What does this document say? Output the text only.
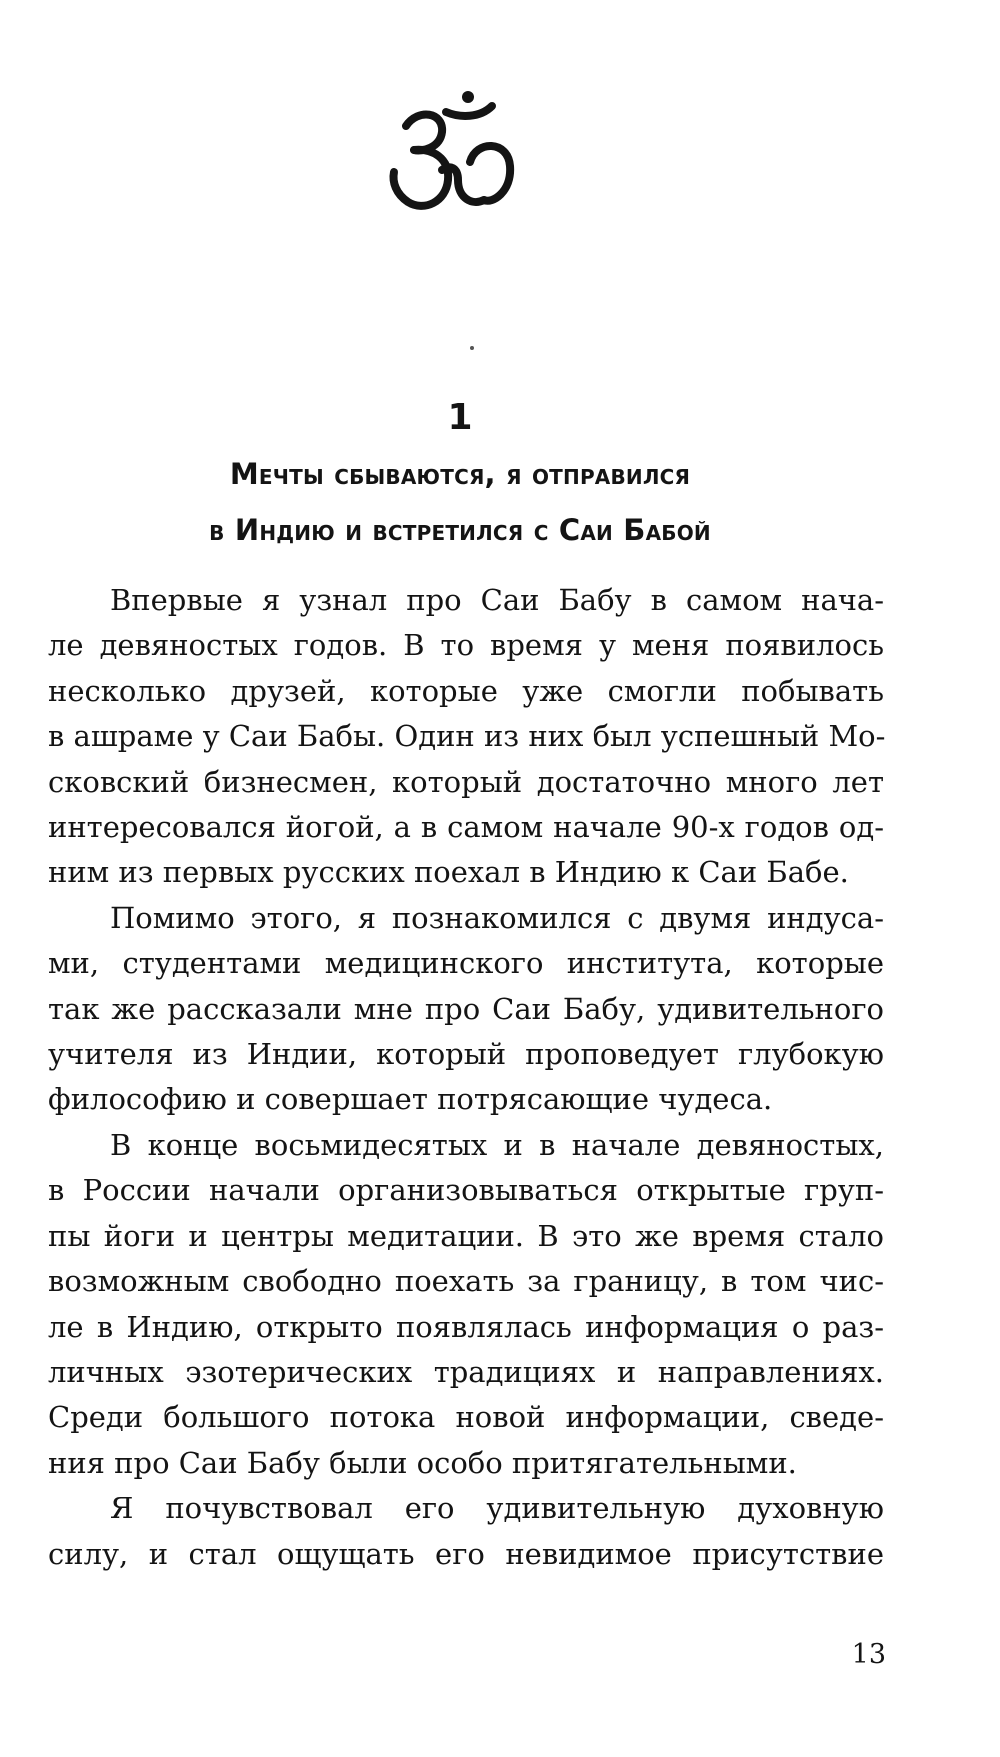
1
Мечты сбываются, я отправился
в Индию и встретился с Саи Бабой

Впервые я узнал про Саи Бабу в самом нача-
ле девяностых годов. В то время у меня появилось
несколько друзей, которые уже смогли побывать
в ашраме у Саи Бабы. Один из них был успешный Мо-
сковский бизнесмен, который достаточно много лет
интересовался йогой, а в самом начале 90-х годов од-
ним из первых русских поехал в Индию к Саи Бабе.

Помимо этого, я познакомился с двумя индуса-
ми, студентами медицинского института, которые
так же рассказали мне про Саи Бабу, удивительного
учителя из Индии, который проповедует глубокую
философию и совершает потрясающие чудеса.

В конце восьмидесятых и в начале девяностых,
в России начали организовываться открытые груп-
пы йоги и центры медитации. В это же время стало
возможным свободно поехать за границу, в том чис-
ле в Индию, открыто появлялась информация о раз-
личных эзотерических традициях и направлениях.
Среди большого потока новой информации, сведе-
ния про Саи Бабу были особо притягательными.

Я почувствовал его удивительную духовную
силу, и стал ощущать его невидимое присутствие

13
